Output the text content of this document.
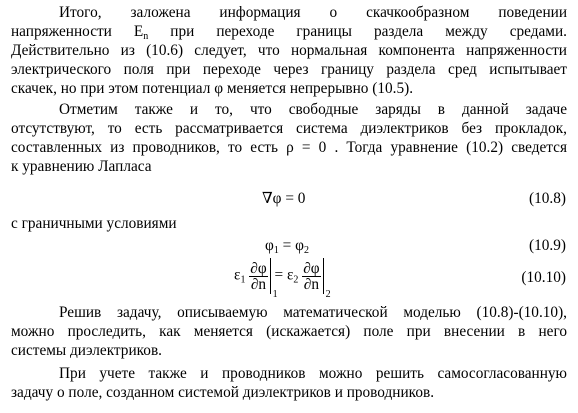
Итого, заложена информация о скачкообразном поведении
напряженности $E_n$ при переходе границы раздела между средами.
Действительно из (10.6) следует, что нормальная компонента напряженности
электрического поля при переходе через границу раздела сред испытывает
скачек, но при этом потенциал φ меняется непрерывно (10.5).
Отметим также и то, что свободные заряды в данной задаче
отсутствуют, то есть рассматривается система диэлектриков без прокладок,
составленных из проводников, то есть ρ = 0 . Тогда уравнение (10.2) сведется
к уравнению Лапласа
∇φ = 0	(10.8)
с граничными условиями
$\varphi_1 = \varphi_2$	(10.9)
$\varepsilon_1 \frac{\partial\varphi}{\partial n}$
1
= $\varepsilon_2 \frac{\partial\varphi}{\partial n}$
2
(10.10)
Решив задачу, описываемую математической моделью (10.8)-(10.10),
можно проследить, как меняется (искажается) поле при внесении в него
системы диэлектриков.
При учете также и проводников можно решить самосогласованную
задачу о поле, созданном системой диэлектриков и проводников.
